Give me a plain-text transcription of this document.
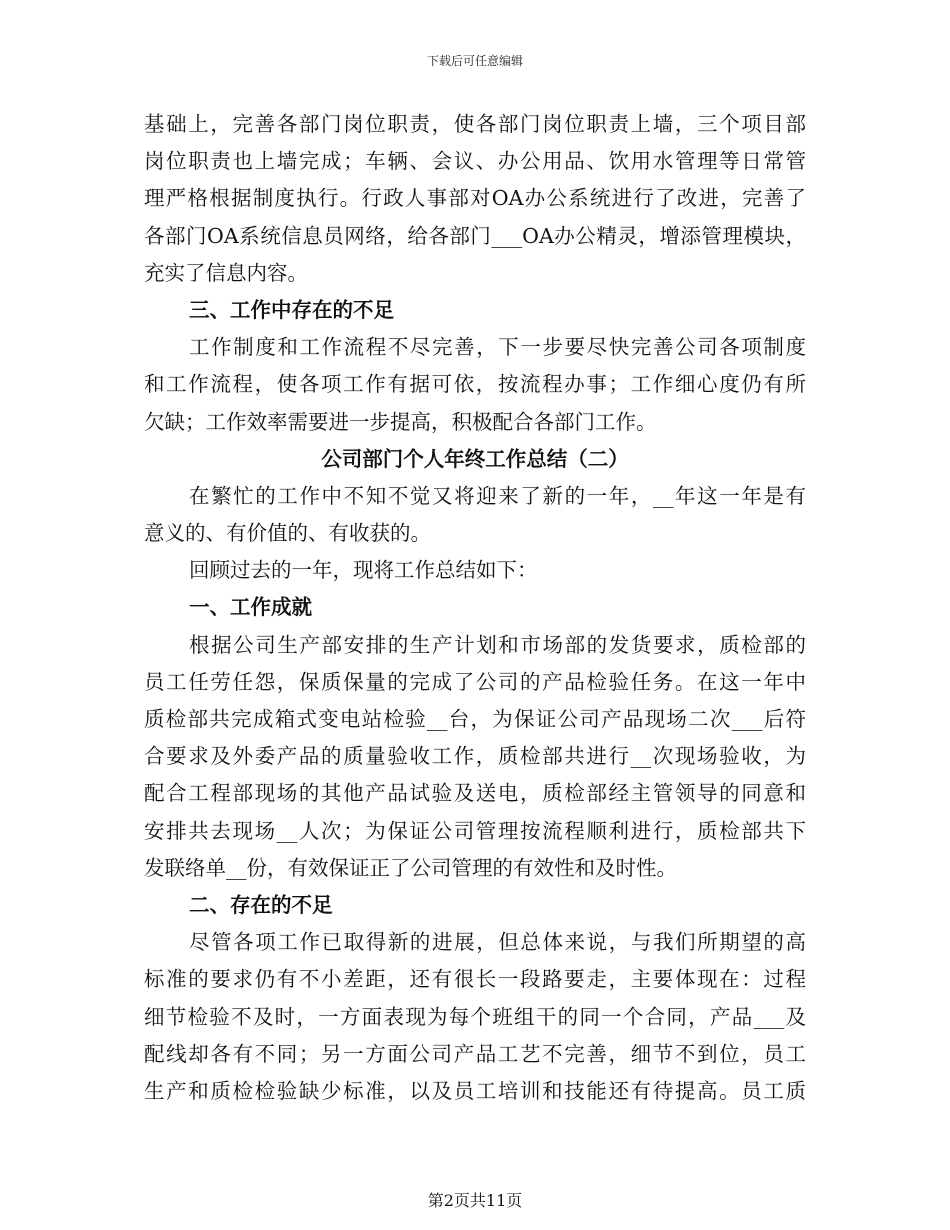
下载后可任意编辑
基础上，完善各部门岗位职责，使各部门岗位职责上墙，三个项目部
岗位职责也上墙完成；车辆、会议、办公用品、饮用水管理等日常管
理严格根据制度执行。行政人事部对OA办公系统进行了改进，完善了
各部门OA系统信息员网络，给各部门___OA办公精灵，增添管理模块，
充实了信息内容。
三、工作中存在的不足
工作制度和工作流程不尽完善，下一步要尽快完善公司各项制度
和工作流程，使各项工作有据可依，按流程办事；工作细心度仍有所
欠缺；工作效率需要进一步提高，积极配合各部门工作。
公司部门个人年终工作总结（二）
在繁忙的工作中不知不觉又将迎来了新的一年，__年这一年是有
意义的、有价值的、有收获的。
回顾过去的一年，现将工作总结如下：
一、工作成就
根据公司生产部安排的生产计划和市场部的发货要求，质检部的
员工任劳任怨，保质保量的完成了公司的产品检验任务。在这一年中
质检部共完成箱式变电站检验__台，为保证公司产品现场二次___后符
合要求及外委产品的质量验收工作，质检部共进行__次现场验收，为
配合工程部现场的其他产品试验及送电，质检部经主管领导的同意和
安排共去现场__人次；为保证公司管理按流程顺利进行，质检部共下
发联络单__份，有效保证正了公司管理的有效性和及时性。
二、存在的不足
尽管各项工作已取得新的进展，但总体来说，与我们所期望的高
标准的要求仍有不小差距，还有很长一段路要走，主要体现在：过程
细节检验不及时，一方面表现为每个班组干的同一个合同，产品___及
配线却各有不同；另一方面公司产品工艺不完善，细节不到位，员工
生产和质检检验缺少标准，以及员工培训和技能还有待提高。员工质
第2页共11页
